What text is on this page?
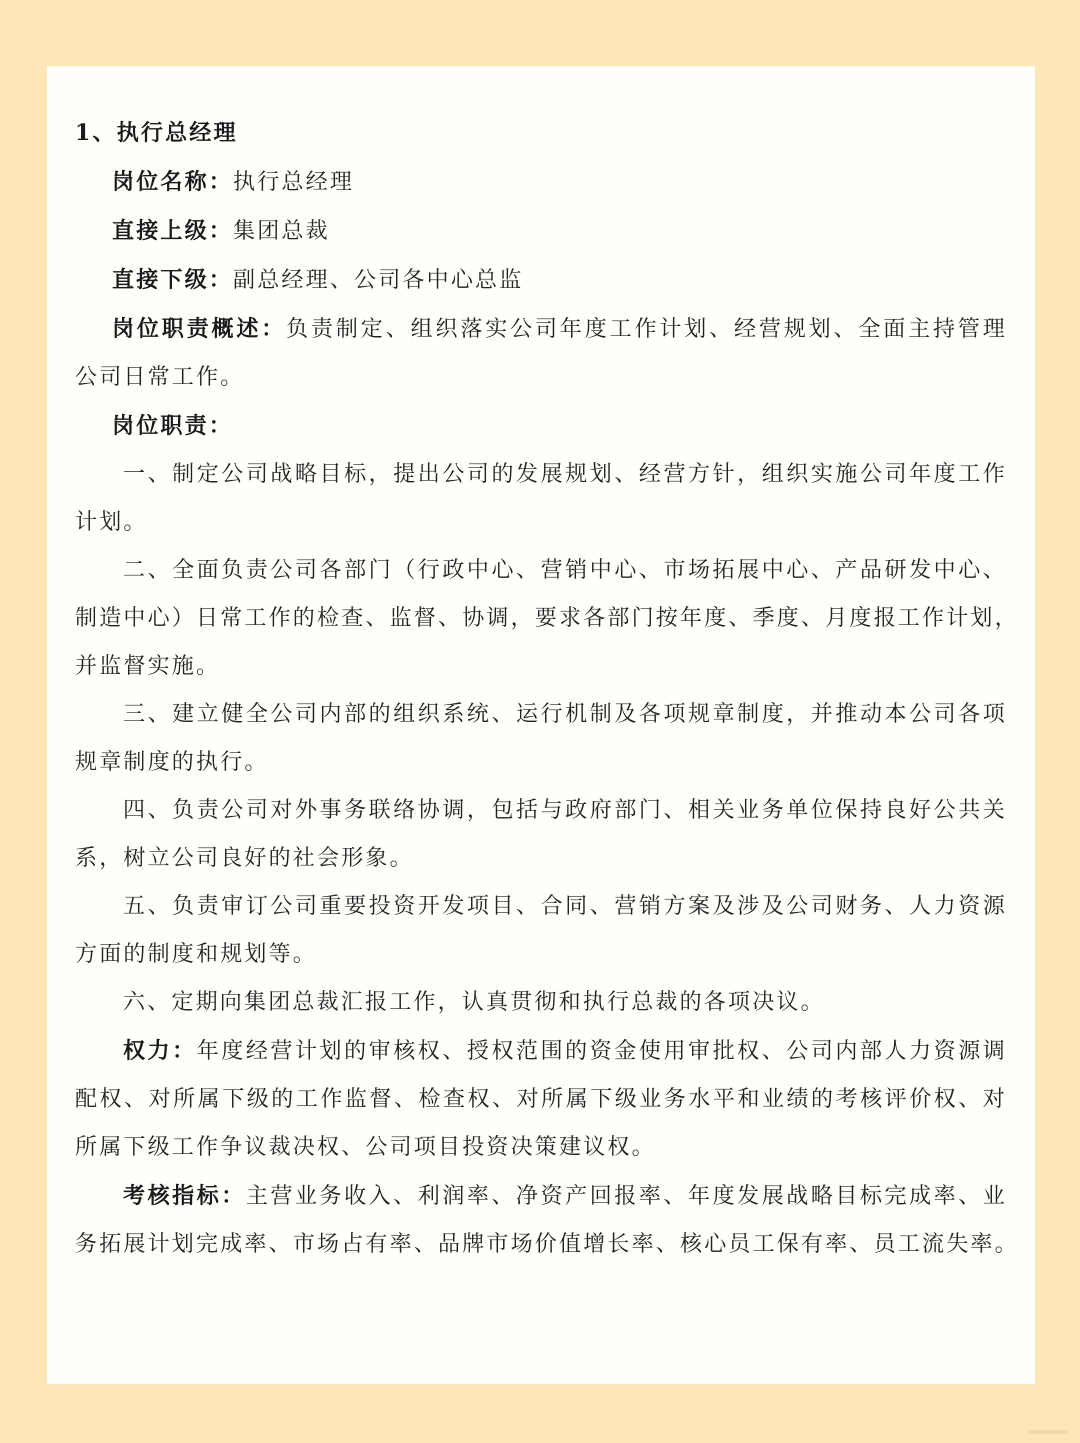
1、执行总经理
岗位名称：执行总经理
直接上级：集团总裁
直接下级：副总经理、公司各中心总监
岗位职责概述：负责制定、组织落实公司年度工作计划、经营规划、全面主持管理
公司日常工作。
岗位职责：
一、制定公司战略目标，提出公司的发展规划、经营方针，组织实施公司年度工作
计划。
二、全面负责公司各部门（行政中心、营销中心、市场拓展中心、产品研发中心、
制造中心）日常工作的检查、监督、协调，要求各部门按年度、季度、月度报工作计划，
并监督实施。
三、建立健全公司内部的组织系统、运行机制及各项规章制度，并推动本公司各项
规章制度的执行。
四、负责公司对外事务联络协调，包括与政府部门、相关业务单位保持良好公共关
系，树立公司良好的社会形象。
五、负责审订公司重要投资开发项目、合同、营销方案及涉及公司财务、人力资源
方面的制度和规划等。
六、定期向集团总裁汇报工作，认真贯彻和执行总裁的各项决议。
权力：年度经营计划的审核权、授权范围的资金使用审批权、公司内部人力资源调
配权、对所属下级的工作监督、检查权、对所属下级业务水平和业绩的考核评价权、对
所属下级工作争议裁决权、公司项目投资决策建议权。
考核指标：主营业务收入、利润率、净资产回报率、年度发展战略目标完成率、业
务拓展计划完成率、市场占有率、品牌市场价值增长率、核心员工保有率、员工流失率。
